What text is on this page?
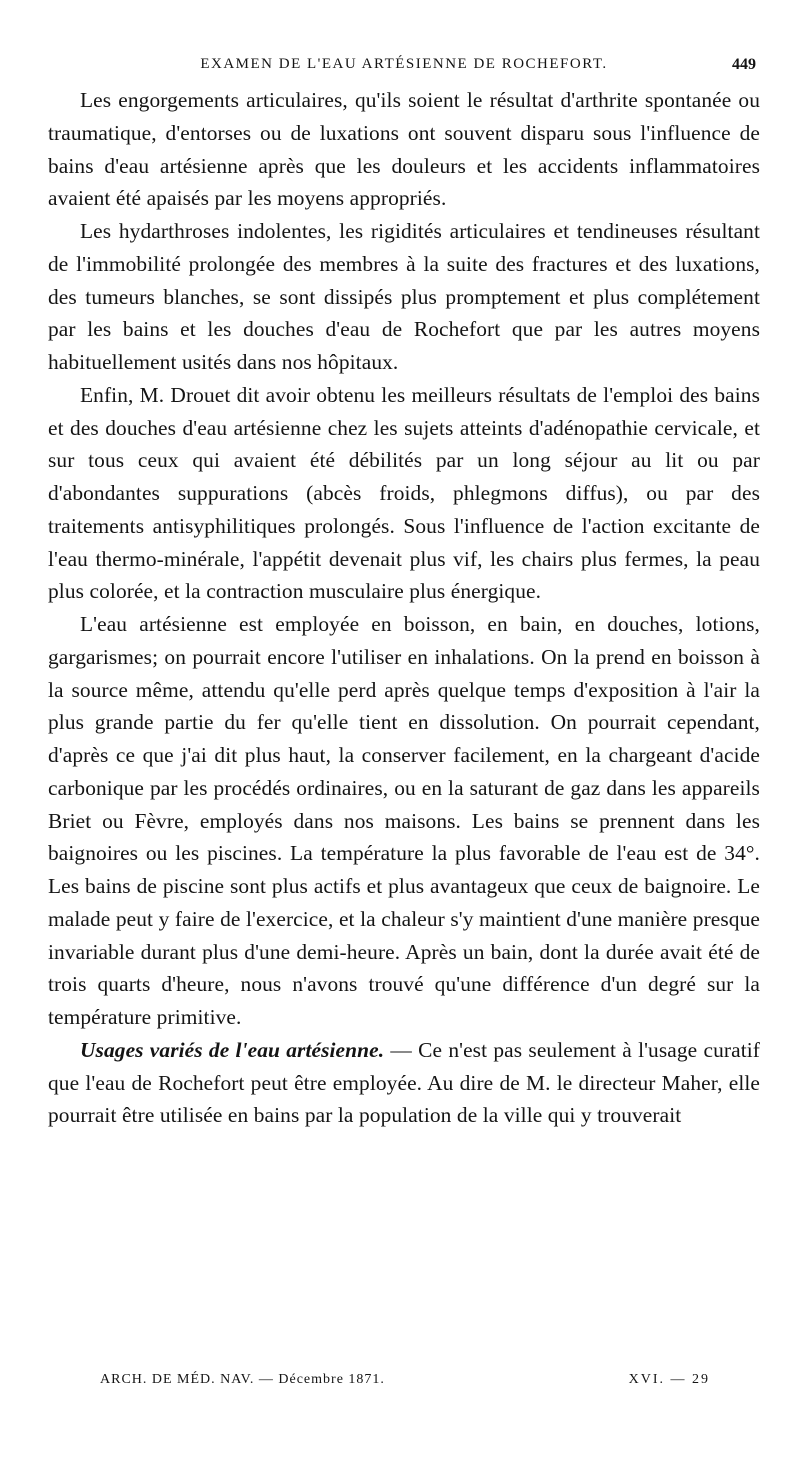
EXAMEN DE L'EAU ARTÉSIENNE DE ROCHEFORT.	449

Les engorgements articulaires, qu'ils soient le résultat d'arthrite spontanée ou traumatique, d'entorses ou de luxations ont souvent disparu sous l'influence de bains d'eau artésienne après que les douleurs et les accidents inflammatoires avaient été apaisés par les moyens appropriés.

Les hydarthroses indolentes, les rigidités articulaires et tendineuses résultant de l'immobilité prolongée des membres à la suite des fractures et des luxations, des tumeurs blanches, se sont dissipés plus promptement et plus complétement par les bains et les douches d'eau de Rochefort que par les autres moyens habituellement usités dans nos hôpitaux.

Enfin, M. Drouet dit avoir obtenu les meilleurs résultats de l'emploi des bains et des douches d'eau artésienne chez les sujets atteints d'adénopathie cervicale, et sur tous ceux qui avaient été débilités par un long séjour au lit ou par d'abondantes suppurations (abcès froids, phlegmons diffus), ou par des traitements antisyphilitiques prolongés. Sous l'influence de l'action excitante de l'eau thermo-minérale, l'appétit devenait plus vif, les chairs plus fermes, la peau plus colorée, et la contraction musculaire plus énergique.

L'eau artésienne est employée en boisson, en bain, en douches, lotions, gargarismes; on pourrait encore l'utiliser en inhalations. On la prend en boisson à la source même, attendu qu'elle perd après quelque temps d'exposition à l'air la plus grande partie du fer qu'elle tient en dissolution. On pourrait cependant, d'après ce que j'ai dit plus haut, la conserver facilement, en la chargeant d'acide carbonique par les procédés ordinaires, ou en la saturant de gaz dans les appareils Briet ou Fèvre, employés dans nos maisons. Les bains se prennent dans les baignoires ou les piscines. La température la plus favorable de l'eau est de 34°. Les bains de piscine sont plus actifs et plus avantageux que ceux de baignoire. Le malade peut y faire de l'exercice, et la chaleur s'y maintient d'une manière presque invariable durant plus d'une demi-heure. Après un bain, dont la durée avait été de trois quarts d'heure, nous n'avons trouvé qu'une différence d'un degré sur la température primitive.

Usages variés de l'eau artésienne. — Ce n'est pas seulement à l'usage curatif que l'eau de Rochefort peut être employée. Au dire de M. le directeur Maher, elle pourrait être utilisée en bains par la population de la ville qui y trouverait

ARCH. DE MÉD. NAV. — Décembre 1871.	XVI. — 29
